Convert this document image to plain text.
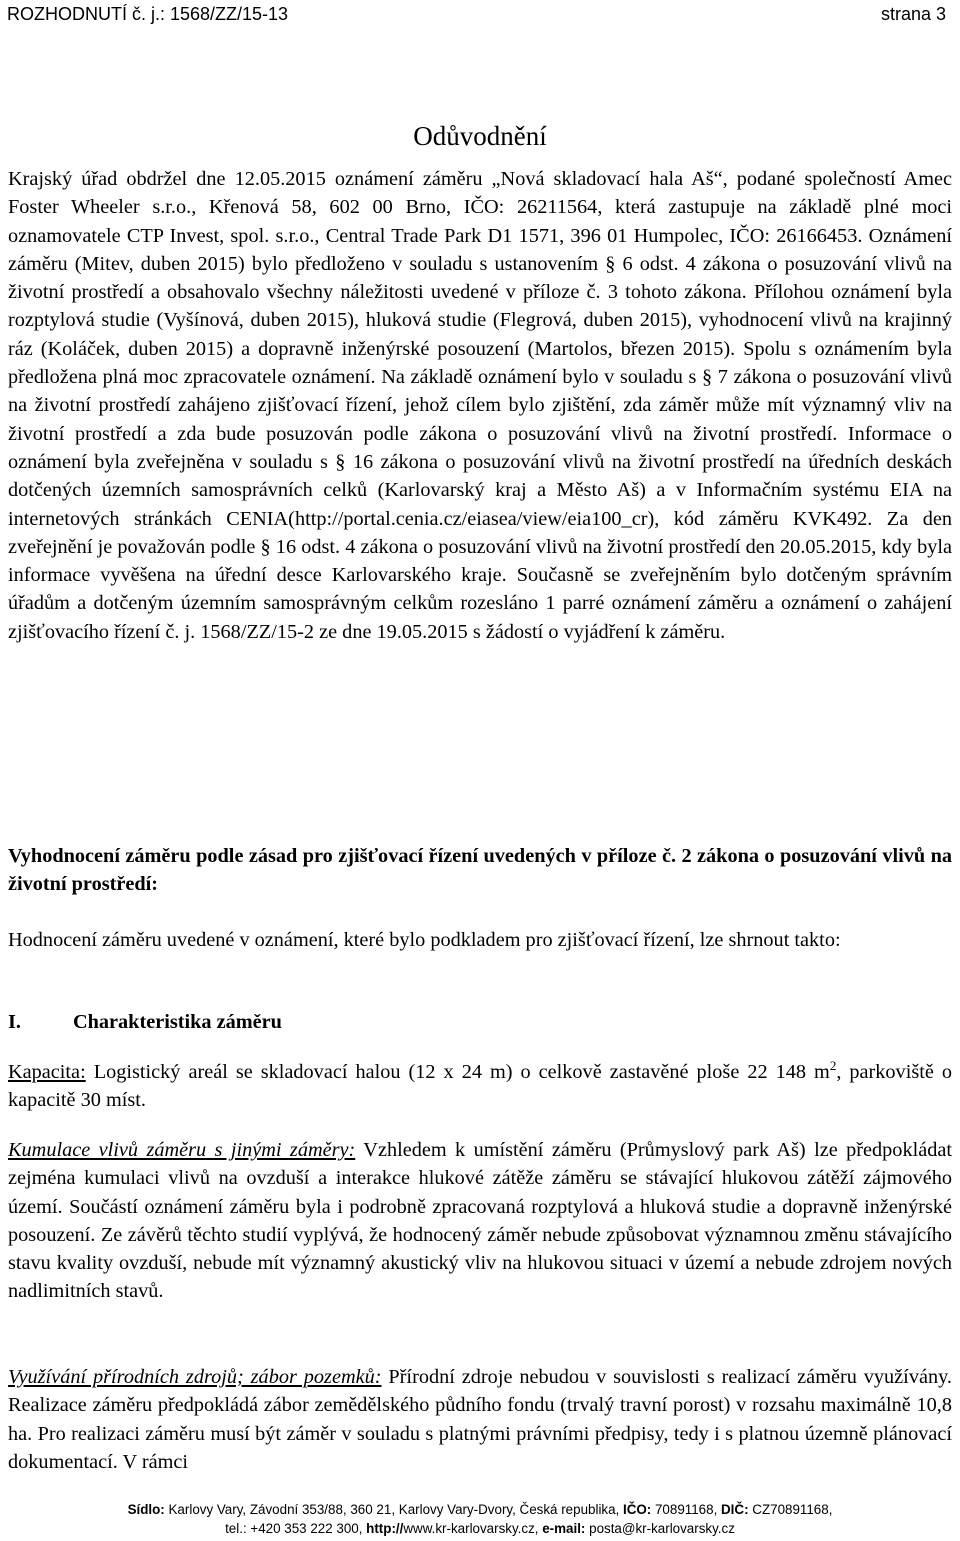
ROZHODNUTÍ č. j.: 1568/ZZ/15-13	strana 3
Odůvodnění

Krajský úřad obdržel dne 12.05.2015 oznámení záměru „Nová skladovací hala Aš“, podané společností Amec Foster Wheeler s.r.o., Křenová 58, 602 00 Brno, IČO: 26211564, která zastupuje na základě plné moci oznamovatele CTP Invest, spol. s.r.o., Central Trade Park D1 1571, 396 01 Humpolec, IČO: 26166453. Oznámení záměru (Mitev, duben 2015) bylo předloženo v souladu s ustanovením § 6 odst. 4 zákona o posuzování vlivů na životní prostředí a obsahovalo všechny náležitosti uvedené v příloze č. 3 tohoto zákona. Přílohou oznámení byla rozptylová studie (Vyšínová, duben 2015), hluková studie (Flegrová, duben 2015), vyhodnocení vlivů na krajinný ráz (Koláček, duben 2015) a dopravně inženýrské posouzení (Martolos, březen 2015). Spolu s oznámením byla předložena plná moc zpracovatele oznámení. Na základě oznámení bylo v souladu s § 7 zákona o posuzování vlivů na životní prostředí zahájeno zjišťovací řízení, jehož cílem bylo zjištění, zda záměr může mít významný vliv na životní prostředí a zda bude posuzován podle zákona o posuzování vlivů na životní prostředí. Informace o oznámení byla zveřejněna v souladu s § 16 zákona o posuzování vlivů na životní prostředí na úředních deskách dotčených územních samosprávních celků (Karlovarský kraj a Město Aš) a v Informačním systému EIA na internetových stránkách CENIA(http://portal.cenia.cz/eiasea/view/eia100_cr), kód záměru KVK492. Za den zveřejnění je považován podle § 16 odst. 4 zákona o posuzování vlivů na životní prostředí den 20.05.2015, kdy byla informace vyvěšena na úřední desce Karlovarského kraje. Současně se zveřejněním bylo dotčeným správním úřadům a dotčeným územním samosprávným celkům rozesláno 1 parré oznámení záměru a oznámení o zahájení zjišťovacího řízení č. j. 1568/ZZ/15-2 ze dne 19.05.2015 s žádostí o vyjádření k záměru.

Vyhodnocení záměru podle zásad pro zjišťovací řízení uvedených v příloze č. 2 zákona o posuzování vlivů na životní prostředí:

Hodnocení záměru uvedené v oznámení, které bylo podkladem pro zjišťovací řízení, lze shrnout takto:

I.	Charakteristika záměru

Kapacita: Logistický areál se skladovací halou (12 x 24 m) o celkově zastavěné ploše 22 148 $m^2$, parkoviště o kapacitě 30 míst.

Kumulace vlivů záměru s jinými záměry: Vzhledem k umístění záměru (Průmyslový park Aš) lze předpokládat zejména kumulaci vlivů na ovzduší a interakce hlukové zátěže záměru se stávající hlukovou zátěží zájmového území. Součástí oznámení záměru byla i podrobně zpracovaná rozptylová a hluková studie a dopravně inženýrské posouzení. Ze závěrů těchto studií vyplývá, že hodnocený záměr nebude způsobovat významnou změnu stávajícího stavu kvality ovzduší, nebude mít významný akustický vliv na hlukovou situaci v území a nebude zdrojem nových nadlimitních stavů.

Využívání přírodních zdrojů; zábor pozemků: Přírodní zdroje nebudou v souvislosti s realizací záměru využívány. Realizace záměru předpokládá zábor zemědělského půdního fondu (trvalý travní porost) v rozsahu maximálně 10,8 ha. Pro realizaci záměru musí být záměr v souladu s platnými právními předpisy, tedy i s platnou územně plánovací dokumentací. V rámci

Sídlo: Karlovy Vary, Závodní 353/88, 360 21, Karlovy Vary-Dvory, Česká republika, IČO: 70891168, DIČ: CZ70891168,
tel.: +420 353 222 300, http://www.kr-karlovarsky.cz, e-mail: posta@kr-karlovarsky.cz
